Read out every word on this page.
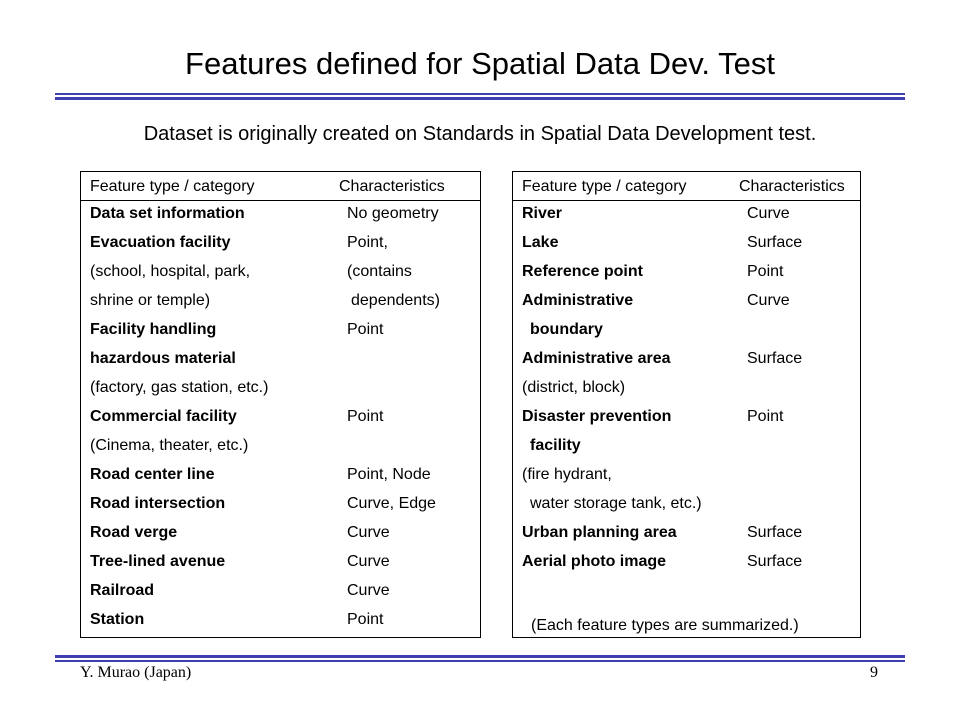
Features defined for Spatial Data Dev. Test
Dataset is originally created on Standards in Spatial Data Development test.
Feature type / category	Characteristics
Data set information	No geometry
Evacuation facility	Point,
(school, hospital, park,	(contains
shrine or temple)	dependents)
Facility handling	Point
hazardous material
(factory, gas station, etc.)
Commercial facility	Point
(Cinema, theater, etc.)
Road center line	Point, Node
Road intersection	Curve, Edge
Road verge	Curve
Tree-lined avenue	Curve
Railroad	Curve
Station	Point
Feature type / category	Characteristics
River	Curve
Lake	Surface
Reference point	Point
Administrative	Curve
boundary
Administrative area	Surface
(district, block)
Disaster prevention	Point
facility
(fire hydrant,
water storage tank, etc.)
Urban planning area	Surface
Aerial photo image	Surface
(Each feature types are summarized.)
Y. Murao (Japan)	9
